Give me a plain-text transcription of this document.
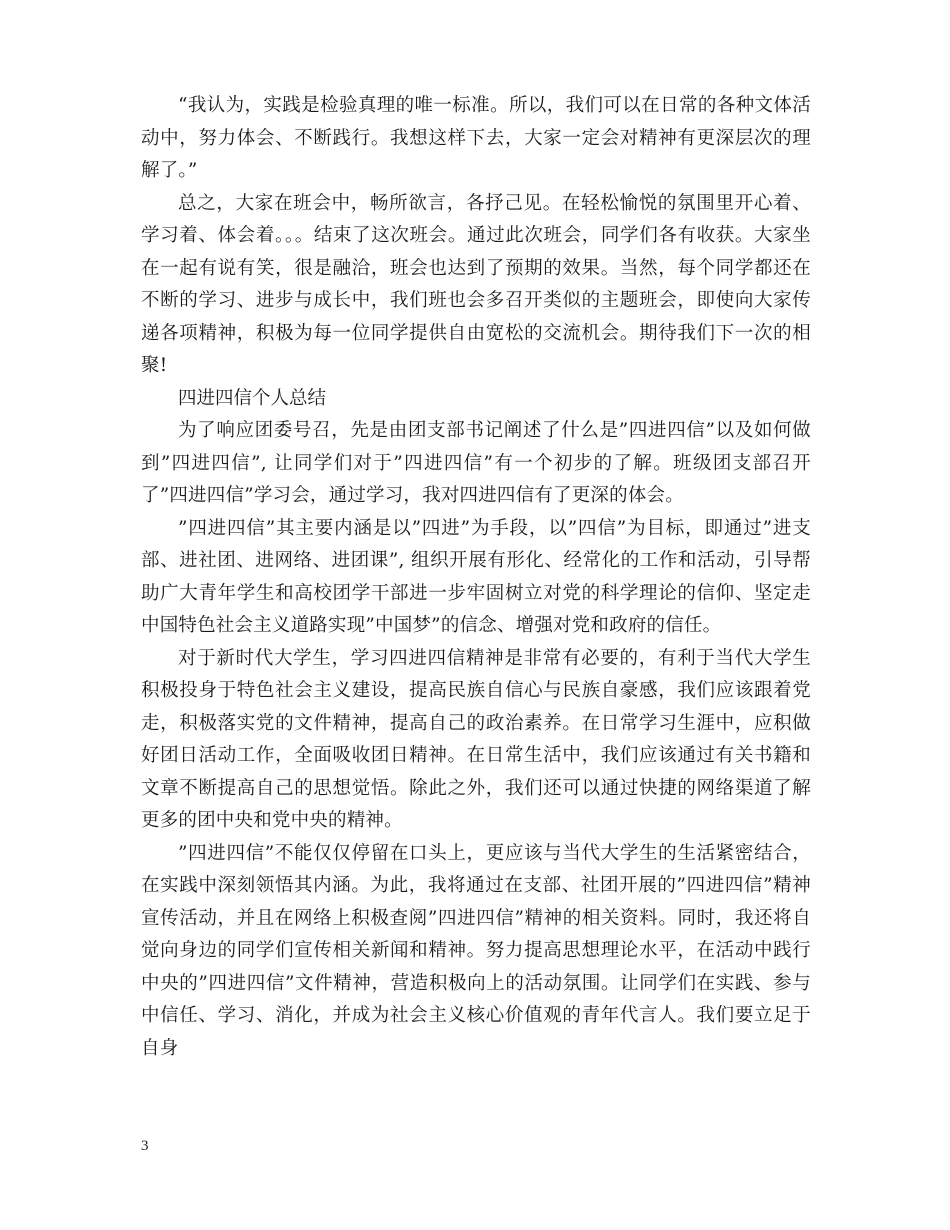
“我认为，实践是检验真理的唯一标准。所以，我们可以在日常的各种文体活动中，努力体会、不断践行。我想这样下去，大家一定会对精神有更深层次的理解了。”

总之，大家在班会中，畅所欲言，各抒己见。在轻松愉悦的氛围里开心着、学习着、体会着。。。结束了这次班会。通过此次班会，同学们各有收获。大家坐在一起有说有笑，很是融洽，班会也达到了预期的效果。当然，每个同学都还在不断的学习、进步与成长中，我们班也会多召开类似的主题班会，即使向大家传递各项精神，积极为每一位同学提供自由宽松的交流机会。期待我们下一次的相聚!

四进四信个人总结

为了响应团委号召，先是由团支部书记阐述了什么是”四进四信”以及如何做到”四进四信”, 让同学们对于”四进四信”有一个初步的了解。班级团支部召开了”四进四信”学习会，通过学习，我对四进四信有了更深的体会。

”四进四信”其主要内涵是以”四进”为手段，以”四信”为目标，即通过”进支部、进社团、进网络、进团课”, 组织开展有形化、经常化的工作和活动，引导帮助广大青年学生和高校团学干部进一步牢固树立对党的科学理论的信仰、坚定走中国特色社会主义道路实现”中国梦”的信念、增强对党和政府的信任。

对于新时代大学生，学习四进四信精神是非常有必要的，有利于当代大学生积极投身于特色社会主义建设，提高民族自信心与民族自豪感，我们应该跟着党走，积极落实党的文件精神，提高自己的政治素养。在日常学习生涯中，应积做好团日活动工作，全面吸收团日精神。在日常生活中，我们应该通过有关书籍和文章不断提高自己的思想觉悟。除此之外，我们还可以通过快捷的网络渠道了解更多的团中央和党中央的精神。

”四进四信”不能仅仅停留在口头上，更应该与当代大学生的生活紧密结合，在实践中深刻领悟其内涵。为此，我将通过在支部、社团开展的”四进四信”精神宣传活动，并且在网络上积极查阅”四进四信”精神的相关资料。同时，我还将自觉向身边的同学们宣传相关新闻和精神。努力提高思想理论水平，在活动中践行中央的”四进四信”文件精神，营造积极向上的活动氛围。让同学们在实践、参与中信任、学习、消化，并成为社会主义核心价值观的青年代言人。我们要立足于自身

3
